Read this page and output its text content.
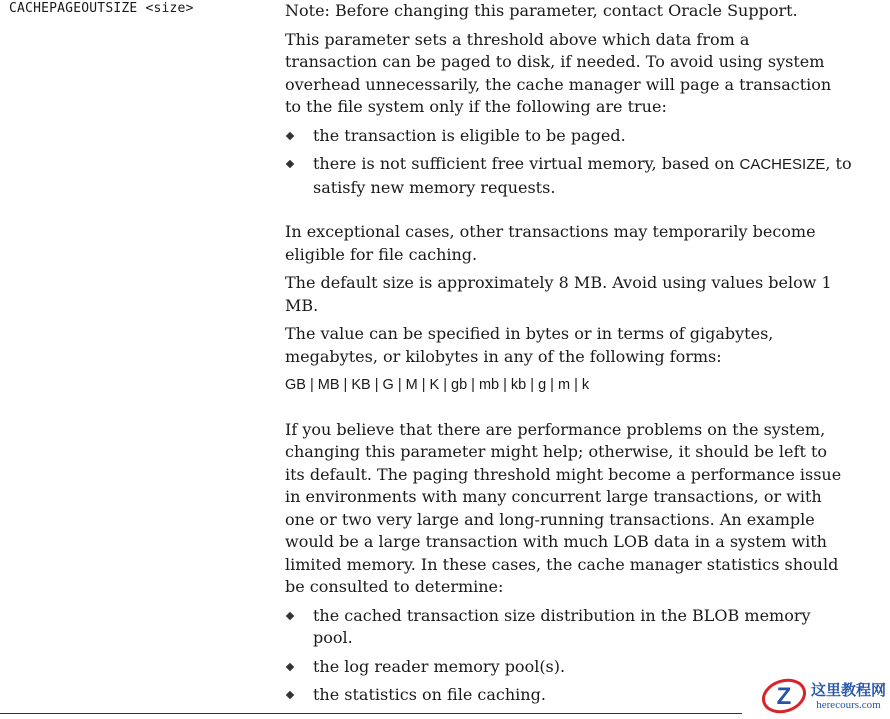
CACHEPAGEOUTSIZE <size>	Note: Before changing this parameter, contact Oracle Support.

This parameter sets a threshold above which data from a
transaction can be paged to disk, if needed. To avoid using system
overhead unnecessarily, the cache manager will page a transaction
to the file system only if the following are true:

the transaction is eligible to be paged.
there is not sufficient free virtual memory, based on CACHESIZE, to
satisfy new memory requests.

In exceptional cases, other transactions may temporarily become
eligible for file caching.

The default size is approximately 8 MB. Avoid using values below 1
MB.

The value can be specified in bytes or in terms of gigabytes,
megabytes, or kilobytes in any of the following forms:

GB | MB | KB | G | M | K | gb | mb | kb | g | m | k

If you believe that there are performance problems on the system,
changing this parameter might help; otherwise, it should be left to
its default. The paging threshold might become a performance issue
in environments with many concurrent large transactions, or with
one or two very large and long-running transactions. An example
would be a large transaction with much LOB data in a system with
limited memory. In these cases, the cache manager statistics should
be consulted to determine:

the cached transaction size distribution in the BLOB memory
pool.
the log reader memory pool(s).
the statistics on file caching.	Z 这里教程网
herecours.com
